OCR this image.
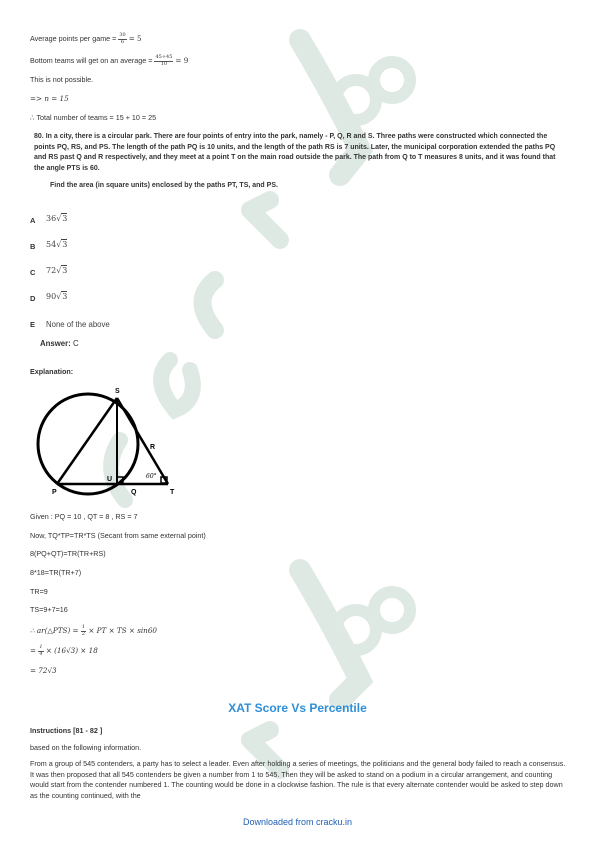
Average points per game = $\frac{30}{6} = 5$
Bottom teams will get on an average = $\frac{45+45}{10} = 9$
This is not possible.
=> n = 15
∴ Total number of teams = 15 + 10 = 25
80. In a city, there is a circular park. There are four points of entry into the park, namely - P, Q, R and S. Three paths were constructed which connected the points PQ, RS, and PS. The length of the path PQ is 10 units, and the length of the path RS is 7 units. Later, the municipal corporation extended the paths PQ and RS past Q and R respectively, and they meet at a point T on the main road outside the park. The path from Q to T measures 8 units, and it was found that the angle PTS is 60.
Find the area (in square units) enclosed by the paths PT, TS, and PS.
A 36√3
B 54√3
C 72√3
D 90√3
E None of the above
Answer: C
Explanation:
S
R
U
P	Q	T
60°
Given : PQ = 10 , QT = 8 , RS = 7
Now, TQ*TP=TR*TS (Secant from same external point)
8(PQ+QT)=TR(TR+RS)
8*18=TR(TR+7)
TR=9
TS=9+7=16
∴ ar(△PTS) = $\frac{1}{2}$ × PT × TS × sin60
= $\frac{1}{4} \times (16√3) \times 18$
= 72√3
XAT Score Vs Percentile
Instructions [81 - 82 ]
based on the following information.
From a group of 545 contenders, a party has to select a leader. Even after holding a series of meetings, the politicians and the general body failed to reach a consensus. It was then proposed that all 545 contenders be given a number from 1 to 545. Then they will be asked to stand on a podium in a circular arrangement, and counting would start from the contender numbered 1. The counting would be done in a clockwise fashion. The rule is that every alternate contender would be asked to step down as the counting continued, with the
Downloaded from cracku.in
